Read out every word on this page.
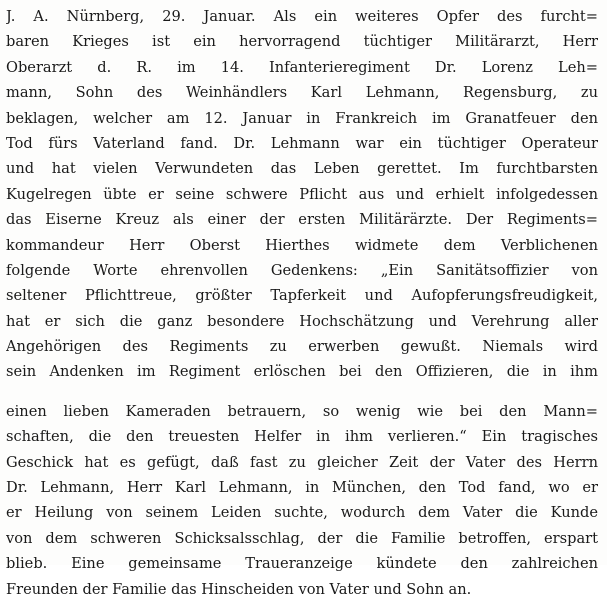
J. A. Nürnberg, 29. Januar. Als ein weiteres Opfer des furcht=
baren Krieges ist ein hervorragend tüchtiger Militärarzt, Herr
Oberarzt d. R. im 14. Infanterieregiment Dr. Lorenz Leh=
mann, Sohn des Weinhändlers Karl Lehmann, Regensburg, zu
beklagen, welcher am 12. Januar in Frankreich im Granatfeuer den
Tod fürs Vaterland fand. Dr. Lehmann war ein tüchtiger Operateur
und hat vielen Verwundeten das Leben gerettet. Im furchtbarsten
Kugelregen übte er seine schwere Pflicht aus und erhielt infolgedessen
das Eiserne Kreuz als einer der ersten Militärärzte. Der Regiments=
kommandeur Herr Oberst Hierthes widmete dem Verblichenen
folgende Worte ehrenvollen Gedenkens: „Ein Sanitätsoffizier von
seltener Pflichttreue, größter Tapferkeit und Aufopferungsfreudigkeit,
hat er sich die ganz besondere Hochschätzung und Verehrung aller
Angehörigen des Regiments zu erwerben gewußt. Niemals wird
sein Andenken im Regiment erlöschen bei den Offizieren, die in ihm
einen lieben Kameraden betrauern, so wenig wie bei den Mann=
schaften, die den treuesten Helfer in ihm verlieren.“ Ein tragisches
Geschick hat es gefügt, daß fast zu gleicher Zeit der Vater des Herrn
Dr. Lehmann, Herr Karl Lehmann, in München, den Tod fand, wo er
er Heilung von seinem Leiden suchte, wodurch dem Vater die Kunde
von dem schweren Schicksalsschlag, der die Familie betroffen, erspart
blieb. Eine gemeinsame Traueranzeige kündete den zahlreichen
Freunden der Familie das Hinscheiden von Vater und Sohn an.
